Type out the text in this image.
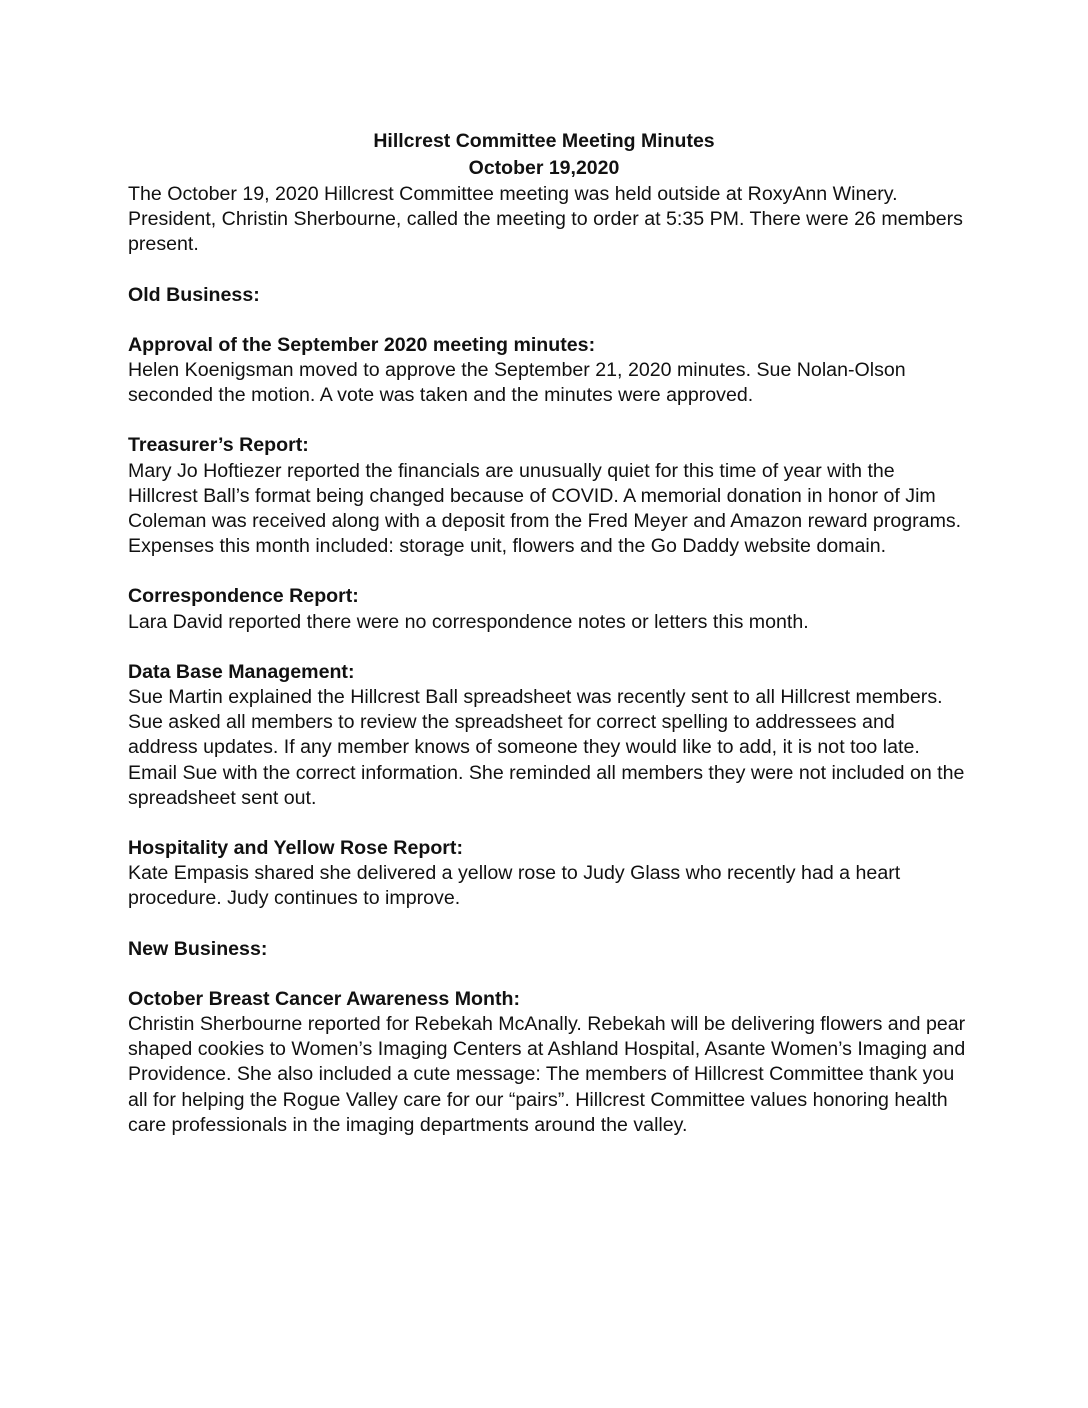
Hillcrest Committee Meeting Minutes
October 19,2020

The October 19, 2020 Hillcrest Committee meeting was held outside at RoxyAnn Winery. President, Christin Sherbourne, called the meeting to order at 5:35 PM. There were 26 members present.

Old Business:

Approval of the September 2020 meeting minutes:

Helen Koenigsman moved to approve the September 21, 2020 minutes. Sue Nolan-Olson seconded the motion. A vote was taken and the minutes were approved.

Treasurer’s Report:

Mary Jo Hoftiezer reported the financials are unusually quiet for this time of year with the Hillcrest Ball’s format being changed because of COVID. A memorial donation in honor of Jim Coleman was received along with a deposit from the Fred Meyer and Amazon reward programs. Expenses this month included: storage unit, flowers and the Go Daddy website domain.

Correspondence Report:

Lara David reported there were no correspondence notes or letters this month.

Data Base Management:

Sue Martin explained the Hillcrest Ball spreadsheet was recently sent to all Hillcrest members. Sue asked all members to review the spreadsheet for correct spelling to addressees and address updates. If any member knows of someone they would like to add, it is not too late. Email Sue with the correct information. She reminded all members they were not included on the spreadsheet sent out.

Hospitality and Yellow Rose Report:

Kate Empasis shared she delivered a yellow rose to Judy Glass who recently had a heart procedure. Judy continues to improve.

New Business:

October Breast Cancer Awareness Month:

Christin Sherbourne reported for Rebekah McAnally. Rebekah will be delivering flowers and pear shaped cookies to Women’s Imaging Centers at Ashland Hospital, Asante Women’s Imaging and Providence. She also included a cute message: The members of Hillcrest Committee thank you all for helping the Rogue Valley care for our “pairs”. Hillcrest Committee values honoring health care professionals in the imaging departments around the valley.
